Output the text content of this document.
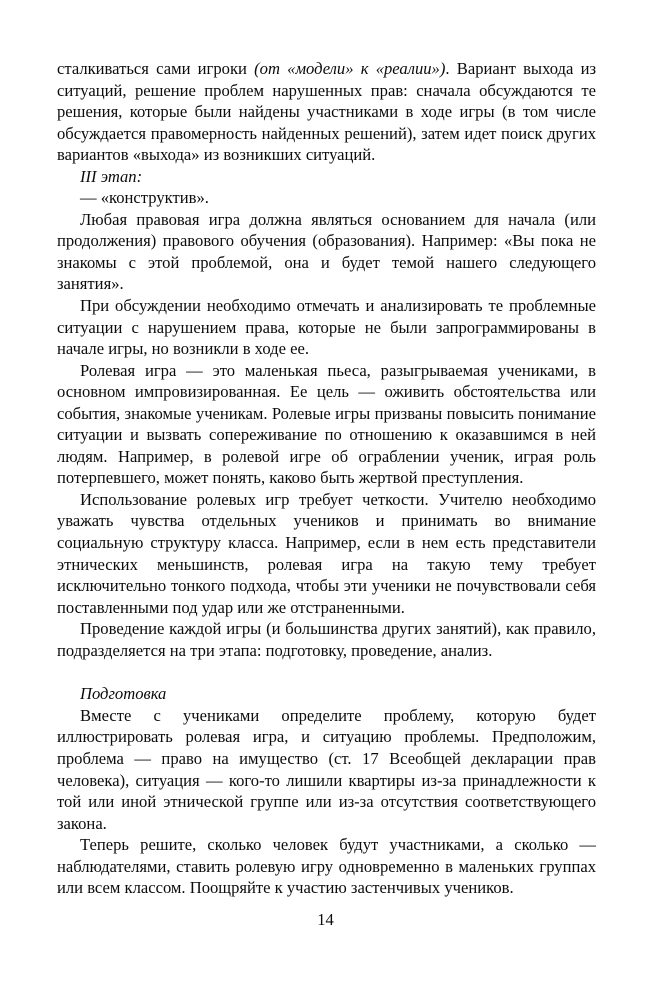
сталкиваться сами игроки (от «модели» к «реалии»). Вариант выхода из ситуаций, решение проблем нарушенных прав: сначала обсуждаются те решения, которые были найдены участниками в ходе игры (в том числе обсуждается правомерность найденных решений), затем идет поиск других вариантов «выхода» из возникших ситуаций.

III этап:

— «конструктив».

Любая правовая игра должна являться основанием для начала (или продолжения) правового обучения (образования). Например: «Вы пока не знакомы с этой проблемой, она и будет темой нашего следующего занятия».

При обсуждении необходимо отмечать и анализировать те проблемные ситуации с нарушением права, которые не были запрограммированы в начале игры, но возникли в ходе ее.

Ролевая игра — это маленькая пьеса, разыгрываемая учениками, в основном импровизированная. Ее цель — оживить обстоятельства или события, знакомые ученикам. Ролевые игры призваны повысить понимание ситуации и вызвать сопереживание по отношению к оказавшимся в ней людям. Например, в ролевой игре об ограблении ученик, играя роль потерпевшего, может понять, каково быть жертвой преступления.

Использование ролевых игр требует четкости. Учителю необходимо уважать чувства отдельных учеников и принимать во внимание социальную структуру класса. Например, если в нем есть представители этнических меньшинств, ролевая игра на такую тему требует исключительно тонкого подхода, чтобы эти ученики не почувствовали себя поставленными под удар или же отстраненными.

Проведение каждой игры (и большинства других занятий), как правило, подразделяется на три этапа: подготовку, проведение, анализ.

Подготовка

Вместе с учениками определите проблему, которую будет иллюстрировать ролевая игра, и ситуацию проблемы. Предположим, проблема — право на имущество (ст. 17 Всеобщей декларации прав человека), ситуация — кого-то лишили квартиры из-за принадлежности к той или иной этнической группе или из-за отсутствия соответствующего закона.

Теперь решите, сколько человек будут участниками, а сколько — наблюдателями, ставить ролевую игру одновременно в маленьких группах или всем классом. Поощряйте к участию застенчивых учеников.

14
